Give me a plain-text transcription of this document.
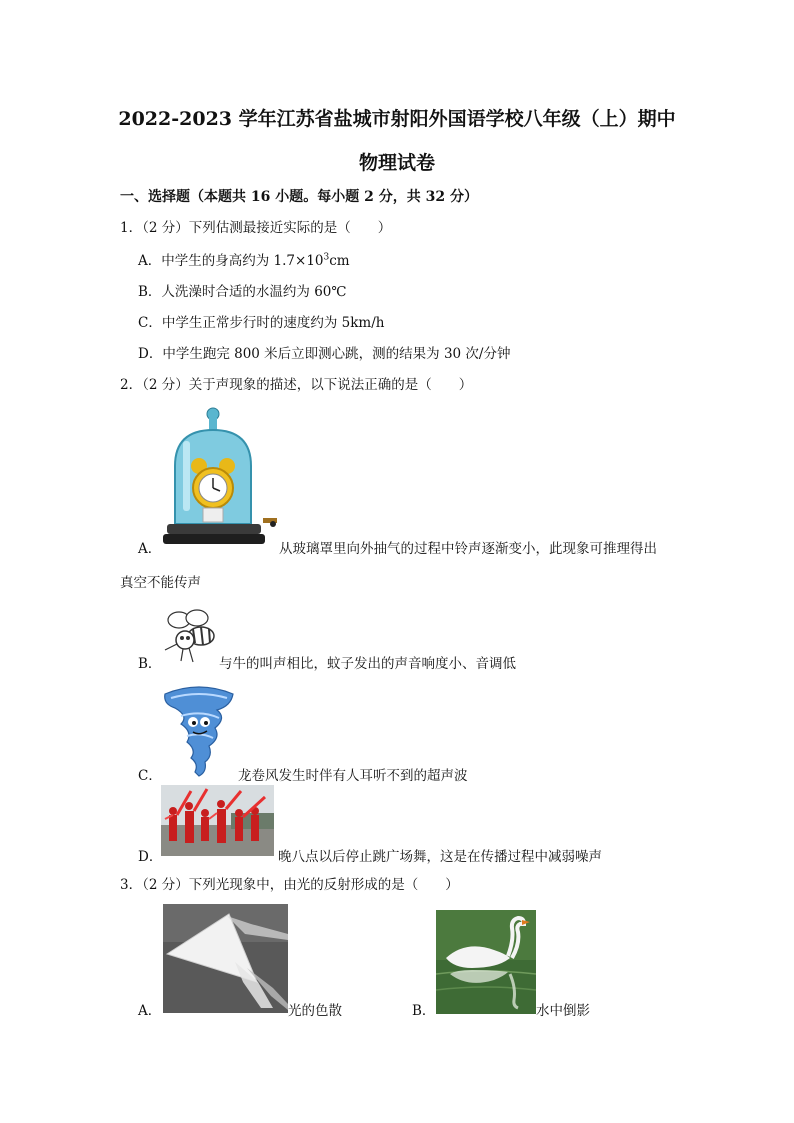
2022-2023 学年江苏省盐城市射阳外国语学校八年级（上）期中
物理试卷
一、选择题（本题共 16 小题。每小题 2 分，共 32 分）
1．（2 分）下列估测最接近实际的是（　　）
A．中学生的身高约为 $1.7\times 10^3cm$
B．人洗澡时合适的水温约为 60℃
C．中学生正常步行时的速度约为 5km/h
D．中学生跑完 800 米后立即测心跳，测的结果为 30 次/分钟
2．（2 分）关于声现象的描述，以下说法正确的是（　　）
A．	从玻璃罩里向外抽气的过程中铃声逐渐变小，此现象可推理得出
真空不能传声
B．	与牛的叫声相比，蚊子发出的声音响度小、音调低
C．	龙卷风发生时伴有人耳听不到的超声波
D．	晚八点以后停止跳广场舞，这是在传播过程中减弱噪声
3．（2 分）下列光现象中，由光的反射形成的是（　　）
A．	光的色散	B．	水中倒影
